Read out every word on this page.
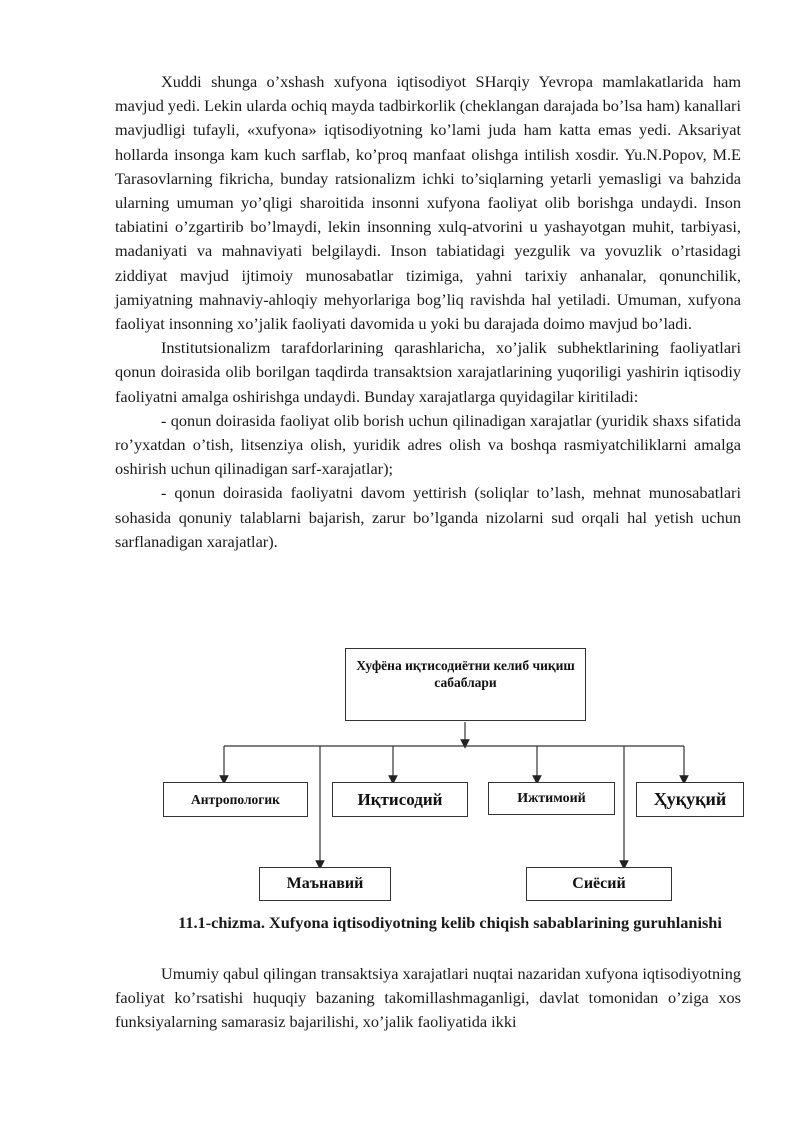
Xuddi shunga o’xshash xufyona iqtisodiyot SHarqiy Yevropa mamlakatlarida ham mavjud yedi. Lekin ularda ochiq mayda tadbirkorlik (cheklangan darajada bo’lsa ham) kanallari mavjudligi tufayli, «xufyona» iqtisodiyotning ko’lami juda ham katta emas yedi. Aksariyat hollarda insonga kam kuch sarflab, ko’proq manfaat olishga intilish xosdir. Yu.N.Popov, M.E Tarasovlarning fikricha, bunday ratsionalizm ichki to’siqlarning yetarli yemasligi va bahzida ularning umuman yo’qligi sharoitida insonni xufyona faoliyat olib borishga undaydi. Inson tabiatini o’zgartirib bo’lmaydi, lekin insonning xulq-atvorini u yashayotgan muhit, tarbiyasi, madaniyati va mahnaviyati belgilaydi. Inson tabiatidagi yezgulik va yovuzlik o’rtasidagi ziddiyat mavjud ijtimoiy munosabatlar tizimiga, yahni tarixiy anhanalar, qonunchilik, jamiyatning mahnaviy-ahloqiy mehyorlariga bog’liq ravishda hal yetiladi. Umuman, xufyona faoliyat insonning xo’jalik faoliyati davomida u yoki bu darajada doimo mavjud bo’ladi.

Institutsionalizm tarafdorlarining qarashlaricha, xo’jalik subhektlarining faoliyatlari qonun doirasida olib borilgan taqdirda transaktsion xarajatlarining yuqoriligi yashirin iqtisodiy faoliyatni amalga oshirishga undaydi. Bunday xarajatlarga quyidagilar kiritiladi:

- qonun doirasida faoliyat olib borish uchun qilinadigan xarajatlar (yuridik shaxs sifatida ro’yxatdan o’tish, litsenziya olish, yuridik adres olish va boshqa rasmiyatchiliklarni amalga oshirish uchun qilinadigan sarf-xarajatlar);

- qonun doirasida faoliyatni davom yettirish (soliqlar to’lash, mehnat munosabatlari sohasida qonuniy talablarni bajarish, zarur bo’lganda nizolarni sud orqali hal yetish uchun sarflanadigan xarajatlar).

Хуфёна иқтисодиётни келиб чиқиш сабаблари
Антропологик	Иқтисодий	Ижтимоий	Ҳуқуқий
Маънавий	Сиёсий
11.1-chizma. Xufyona iqtisodiyotning kelib chiqish sabablarining guruhlanishi

Umumiy qabul qilingan transaktsiya xarajatlari nuqtai nazaridan xufyona iqtisodiyotning faoliyat ko’rsatishi huquqiy bazaning takomillashmaganligi, davlat tomonidan o’ziga xos funksiyalarning samarasiz bajarilishi, xo’jalik faoliyatida ikki
